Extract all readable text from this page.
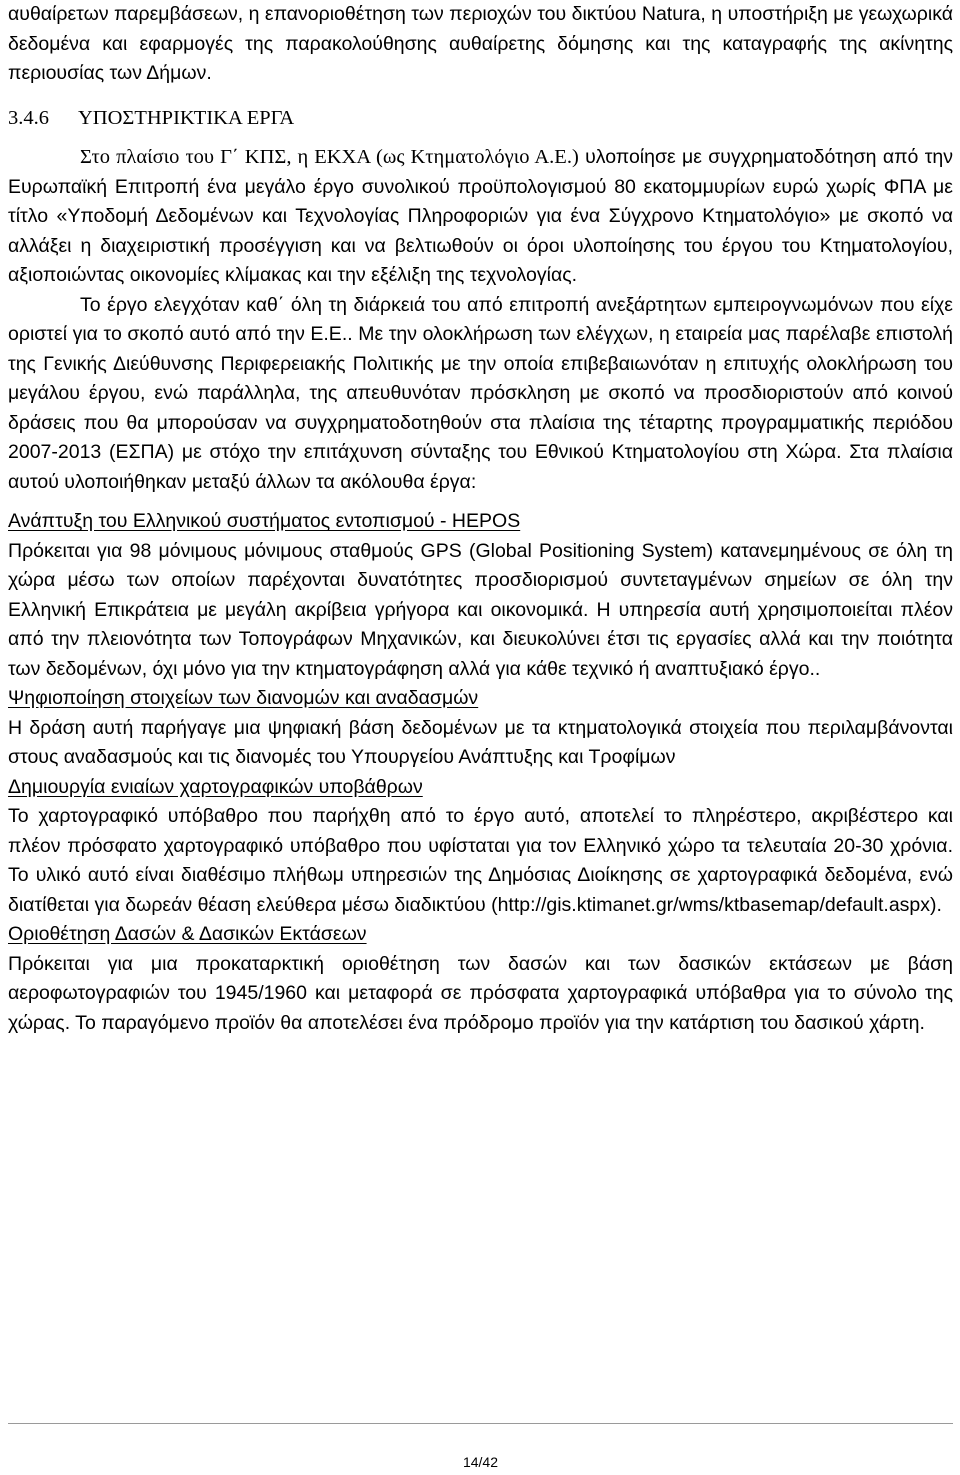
αυθαίρετων παρεμβάσεων, η επανοριοθέτηση των περιοχών του δικτύου Natura, η υποστήριξη με γεωχωρικά δεδομένα και εφαρμογές της παρακολούθησης αυθαίρετης δόμησης και της καταγραφής της ακίνητης περιουσίας των Δήμων.

3.4.6 ΥΠΟΣΤΗΡΙΚΤΙΚΑ ΕΡΓΑ

Στο πλαίσιο του Γ΄ ΚΠΣ, η ΕΚΧΑ (ως Κτηματολόγιο Α.Ε.) υλοποίησε με συγχρηματοδότηση από την Ευρωπαϊκή Επιτροπή ένα μεγάλο έργο συνολικού προϋπολογισμού 80 εκατομμυρίων ευρώ χωρίς ΦΠΑ με τίτλο «Υποδομή Δεδομένων και Τεχνολογίας Πληροφοριών για ένα Σύγχρονο Κτηματολόγιο» με σκοπό να αλλάξει η διαχειριστική προσέγγιση και να βελτιωθούν οι όροι υλοποίησης του έργου του Κτηματολογίου, αξιοποιώντας οικονομίες κλίμακας και την εξέλιξη της τεχνολογίας.

Το έργο ελεγχόταν καθ΄ όλη τη διάρκειά του από επιτροπή ανεξάρτητων εμπειρογνωμόνων που είχε οριστεί για το σκοπό αυτό από την Ε.Ε.. Με την ολοκλήρωση των ελέγχων, η εταιρεία μας παρέλαβε επιστολή της Γενικής Διεύθυνσης Περιφερειακής Πολιτικής με την οποία επιβεβαιωνόταν η επιτυχής ολοκλήρωση του μεγάλου έργου, ενώ παράλληλα, της απευθυνόταν πρόσκληση με σκοπό να προσδιοριστούν από κοινού δράσεις που θα μπορούσαν να συγχρηματοδοτηθούν στα πλαίσια της τέταρτης προγραμματικής περιόδου 2007-2013 (ΕΣΠΑ) με στόχο την επιτάχυνση σύνταξης του Εθνικού Κτηματολογίου στη Χώρα. Στα πλαίσια αυτού υλοποιήθηκαν μεταξύ άλλων τα ακόλουθα έργα:

Ανάπτυξη του Ελληνικού συστήματος εντοπισμού - HEPOS

Πρόκειται για 98 μόνιμους μόνιμους σταθμούς GPS (Global Positioning System) κατανεμημένους σε όλη τη χώρα μέσω των οποίων παρέχονται δυνατότητες προσδιορισμού συντεταγμένων σημείων σε όλη την Ελληνική Επικράτεια με μεγάλη ακρίβεια γρήγορα και οικονομικά. Η υπηρεσία αυτή χρησιμοποιείται πλέον από την πλειονότητα των Τοπογράφων Μηχανικών, και διευκολύνει έτσι τις εργασίες αλλά και την ποιότητα των δεδομένων, όχι μόνο για την κτηματογράφηση αλλά για κάθε τεχνικό ή αναπτυξιακό έργο..

Ψηφιοποίηση στοιχείων των διανομών και αναδασμών

Η δράση αυτή παρήγαγε μια ψηφιακή βάση δεδομένων με τα κτηματολογικά στοιχεία που περιλαμβάνονται στους αναδασμούς και τις διανομές του Υπουργείου Ανάπτυξης και Τροφίμων

Δημιουργία ενιαίων χαρτογραφικών υποβάθρων

Το χαρτογραφικό υπόβαθρο που παρήχθη από το έργο αυτό, αποτελεί το πληρέστερο, ακριβέστερο και πλέον πρόσφατο χαρτογραφικό υπόβαθρο που υφίσταται για τον Ελληνικό χώρο τα τελευταία 20-30 χρόνια. Το υλικό αυτό είναι διαθέσιμο πλήθωμ υπηρεσιών της Δημόσιας Διοίκησης σε χαρτογραφικά δεδομένα, ενώ διατίθεται για δωρεάν θέαση ελεύθερα μέσω διαδικτύου (http://gis.ktimanet.gr/wms/ktbasemap/default.aspx).

Οριοθέτηση Δασών & Δασικών Εκτάσεων

Πρόκειται για μια προκαταρκτική οριοθέτηση των δασών και των δασικών εκτάσεων με βάση αεροφωτογραφιών του 1945/1960 και μεταφορά σε πρόσφατα χαρτογραφικά υπόβαθρα για το σύνολο της χώρας. Το παραγόμενο προϊόν θα αποτελέσει ένα πρόδρομο προϊόν για την κατάρτιση του δασικού χάρτη.

14/42
